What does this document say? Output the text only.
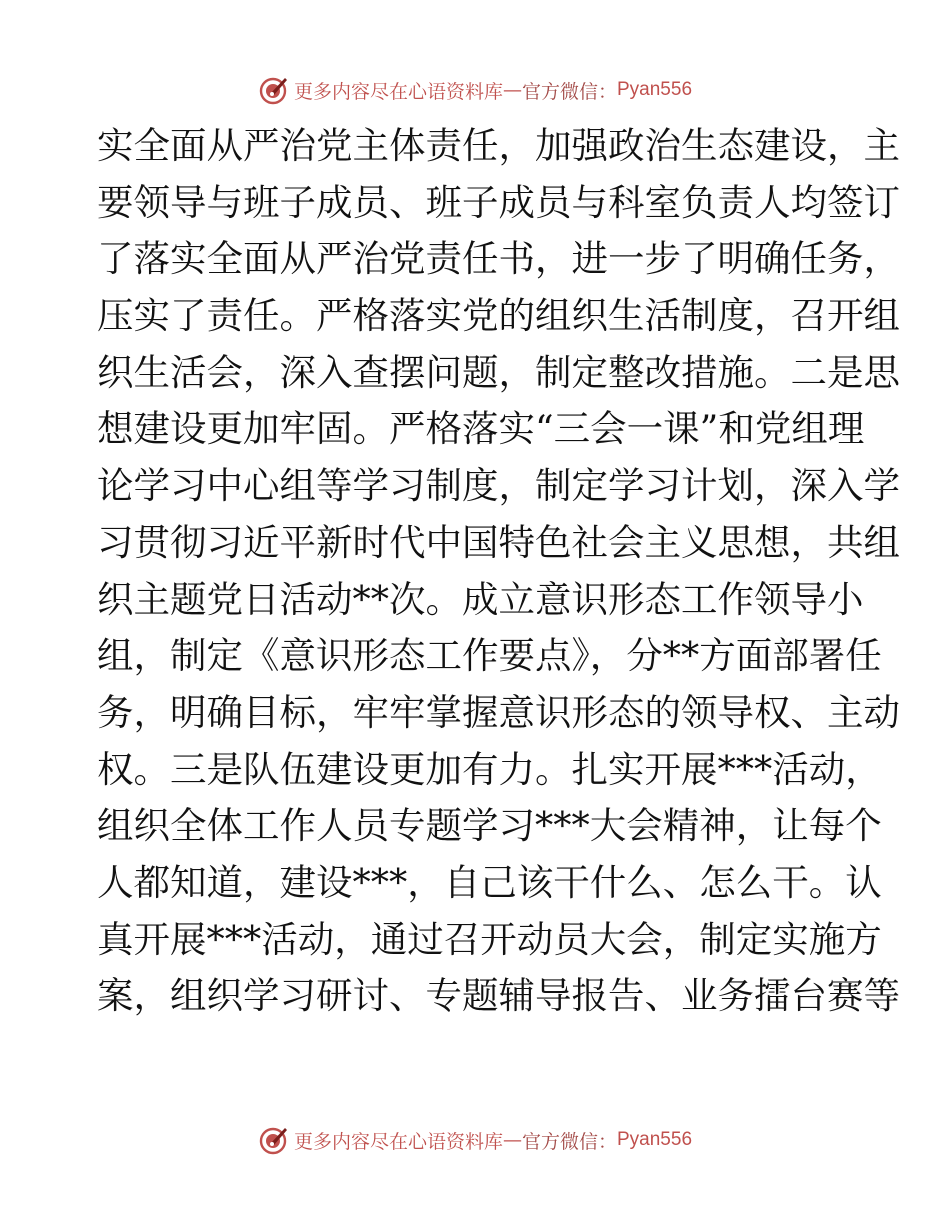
更多内容尽在心语资料库 — 官方微信： Pyan556
实全面从严治党主体责任，加强政治生态建设，主
要领导与班子成员、班子成员与科室负责人均签订
了落实全面从严治党责任书，进一步了明确任务，
压实了责任。严格落实党的组织生活制度，召开组
织生活会，深入查摆问题，制定整改措施。二是思
想建设更加牢固。严格落实“三会一课”和党组理
论学习中心组等学习制度，制定学习计划，深入学
习贯彻习近平新时代中国特色社会主义思想，共组
织主题党日活动**次。成立意识形态工作领导小
组，制定《意识形态工作要点》，分**方面部署任
务，明确目标，牢牢掌握意识形态的领导权、主动
权。三是队伍建设更加有力。扎实开展***活动，
组织全体工作人员专题学习***大会精神，让每个
人都知道，建设***，自己该干什么、怎么干。认
真开展***活动，通过召开动员大会，制定实施方
案，组织学习研讨、专题辅导报告、业务擂台赛等
更多内容尽在心语资料库 — 官方微信： Pyan556
